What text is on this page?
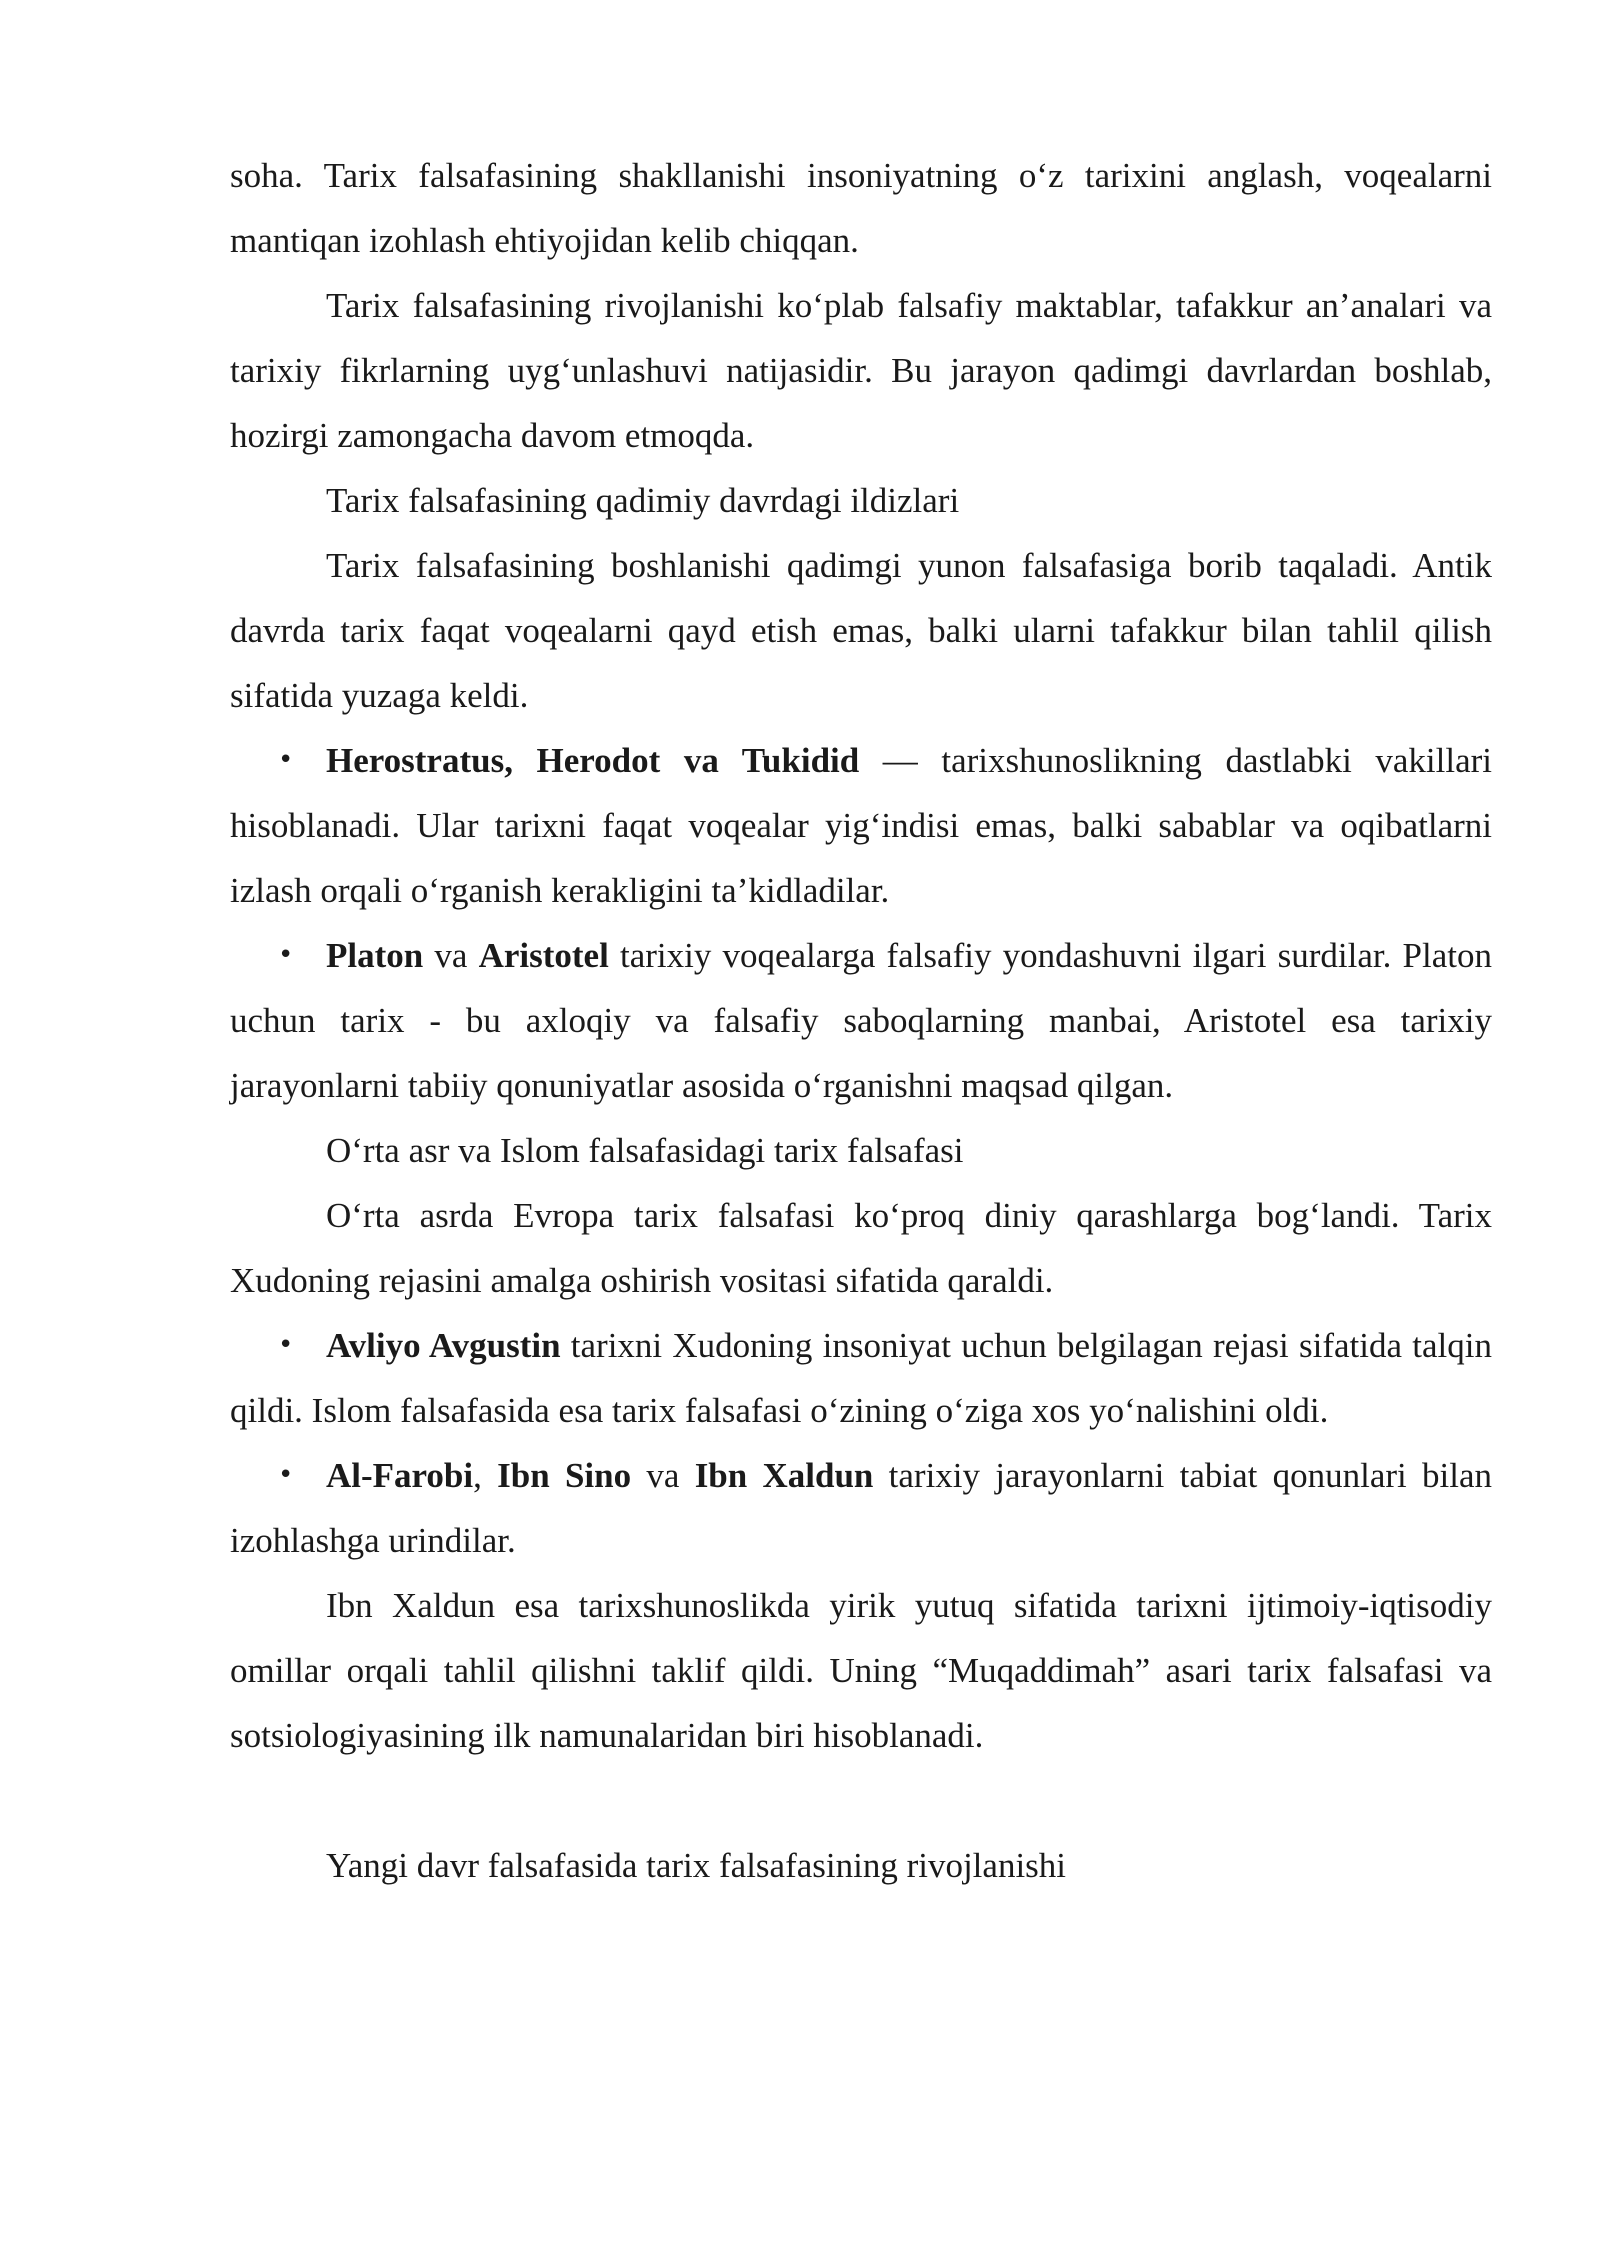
soha. Tarix falsafasining shakllanishi insoniyatning o‘z tarixini anglash, voqealarni mantiqan izohlash ehtiyojidan kelib chiqqan.

Tarix falsafasining rivojlanishi ko‘plab falsafiy maktablar, tafakkur an’analari va tarixiy fikrlarning uyg‘unlashuvi natijasidir. Bu jarayon qadimgi davrlardan boshlab, hozirgi zamongacha davom etmoqda.

Tarix falsafasining qadimiy davrdagi ildizlari

Tarix falsafasining boshlanishi qadimgi yunon falsafasiga borib taqaladi. Antik davrda tarix faqat voqealarni qayd etish emas, balki ularni tafakkur bilan tahlil qilish sifatida yuzaga keldi.

• Herostratus, Herodot va Tukidid — tarixshunoslikning dastlabki vakillari hisoblanadi. Ular tarixni faqat voqealar yig‘indisi emas, balki sabablar va oqibatlarni izlash orqali o‘rganish kerakligini ta’kidladilar.

• Platon va Aristotel tarixiy voqealarga falsafiy yondashuvni ilgari surdilar. Platon uchun tarix - bu axloqiy va falsafiy saboqlarning manbai, Aristotel esa tarixiy jarayonlarni tabiiy qonuniyatlar asosida o‘rganishni maqsad qilgan.

O‘rta asr va Islom falsafasidagi tarix falsafasi

O‘rta asrda Evropa tarix falsafasi ko‘proq diniy qarashlarga bog‘landi. Tarix Xudoning rejasini amalga oshirish vositasi sifatida qaraldi.

• Avliyo Avgustin tarixni Xudoning insoniyat uchun belgilagan rejasi sifatida talqin qildi. Islom falsafasida esa tarix falsafasi o‘zining o‘ziga xos yo‘nalishini oldi.

• Al-Farobi, Ibn Sino va Ibn Xaldun tarixiy jarayonlarni tabiat qonunlari bilan izohlashga urindilar.

Ibn Xaldun esa tarixshunoslikda yirik yutuq sifatida tarixni ijtimoiy-iqtisodiy omillar orqali tahlil qilishni taklif qildi. Uning “Muqaddimah” asari tarix falsafasi va sotsiologiyasining ilk namunalaridan biri hisoblanadi.

Yangi davr falsafasida tarix falsafasining rivojlanishi
